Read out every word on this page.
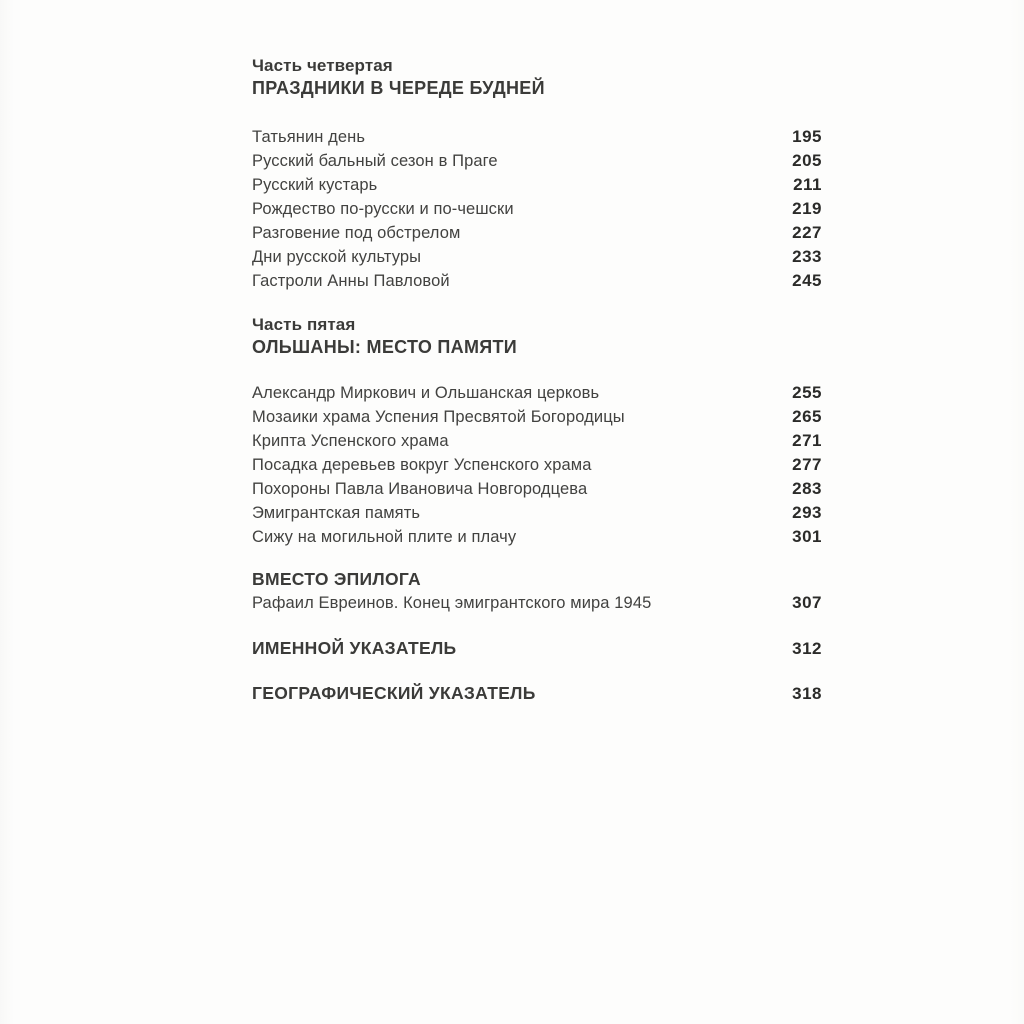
Часть четвертая
ПРАЗДНИКИ В ЧЕРЕДЕ БУДНЕЙ
Татьянин день	195
Русский бальный сезон в Праге	205
Русский кустарь	211
Рождество по-русски и по-чешски	219
Разговение под обстрелом	227
Дни русской культуры	233
Гастроли Анны Павловой	245
Часть пятая
ОЛЬШАНЫ: МЕСТО ПАМЯТИ
Александр Миркович и Ольшанская церковь	255
Мозаики храма Успения Пресвятой Богородицы	265
Крипта Успенского храма	271
Посадка деревьев вокруг Успенского храма	277
Похороны Павла Ивановича Новгородцева	283
Эмигрантская память	293
Сижу на могильной плите и плачу	301
ВМЕСТО ЭПИЛОГА
Рафаил Евреинов. Конец эмигрантского мира 1945	307
ИМЕННОЙ УКАЗАТЕЛЬ	312
ГЕОГРАФИЧЕСКИЙ УКАЗАТЕЛЬ	318
